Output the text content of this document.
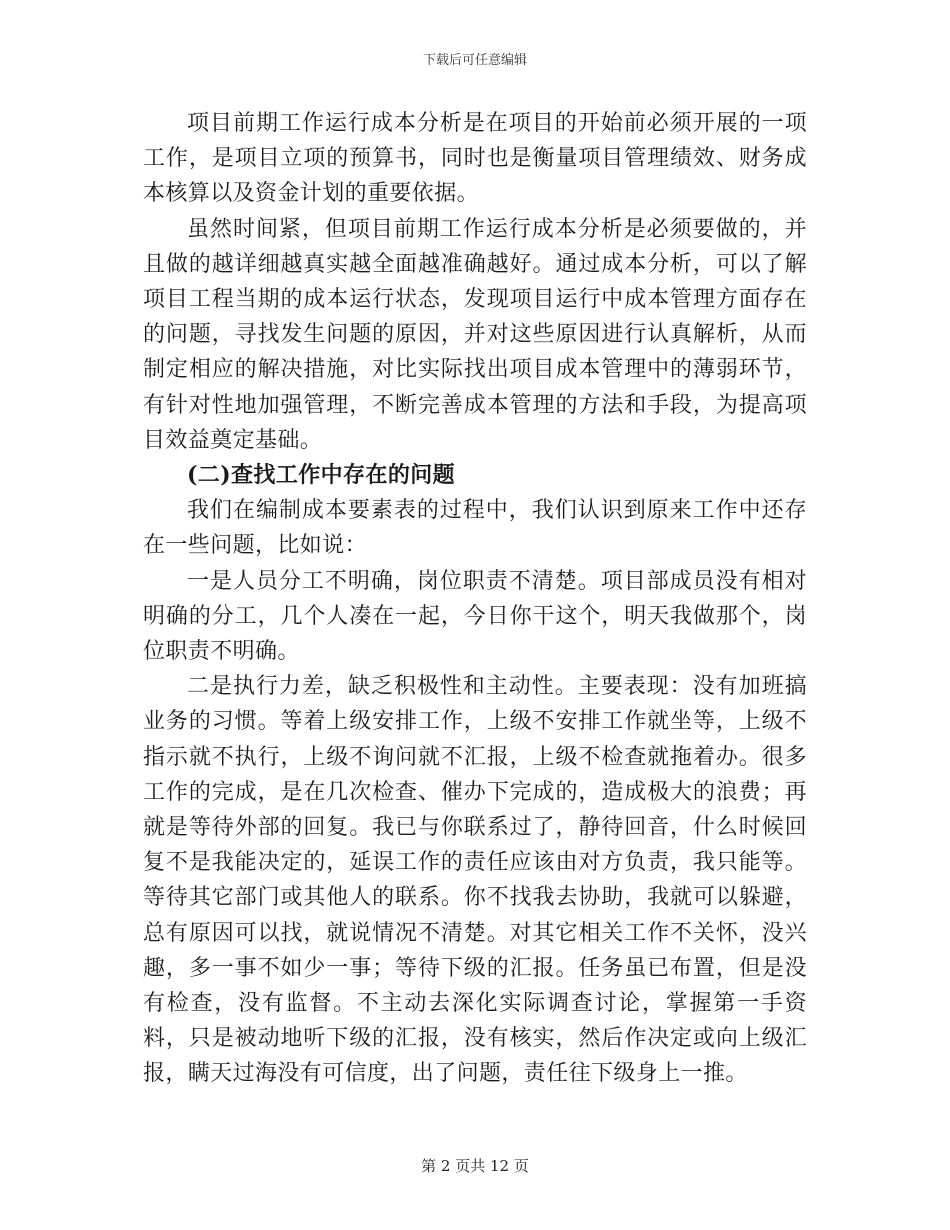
下载后可任意编辑

项目前期工作运行成本分析是在项目的开始前必须开展的一项工作，是项目立项的预算书，同时也是衡量项目管理绩效、财务成本核算以及资金计划的重要依据。

虽然时间紧，但项目前期工作运行成本分析是必须要做的，并且做的越详细越真实越全面越准确越好。通过成本分析，可以了解项目工程当期的成本运行状态，发现项目运行中成本管理方面存在的问题，寻找发生问题的原因，并对这些原因进行认真解析，从而制定相应的解决措施，对比实际找出项目成本管理中的薄弱环节，有针对性地加强管理，不断完善成本管理的方法和手段，为提高项目效益奠定基础。

(二)查找工作中存在的问题

我们在编制成本要素表的过程中，我们认识到原来工作中还存在一些问题，比如说：

一是人员分工不明确，岗位职责不清楚。项目部成员没有相对明确的分工，几个人凑在一起，今日你干这个，明天我做那个，岗位职责不明确。

二是执行力差，缺乏积极性和主动性。主要表现：没有加班搞业务的习惯。等着上级安排工作，上级不安排工作就坐等，上级不指示就不执行，上级不询问就不汇报，上级不检查就拖着办。很多工作的完成，是在几次检查、催办下完成的，造成极大的浪费；再就是等待外部的回复。我已与你联系过了，静待回音，什么时候回复不是我能决定的，延误工作的责任应该由对方负责，我只能等。等待其它部门或其他人的联系。你不找我去协助，我就可以躲避，总有原因可以找，就说情况不清楚。对其它相关工作不关怀，没兴趣，多一事不如少一事；等待下级的汇报。任务虽已布置，但是没有检查，没有监督。不主动去深化实际调查讨论，掌握第一手资料，只是被动地听下级的汇报，没有核实，然后作决定或向上级汇报，瞒天过海没有可信度，出了问题，责任往下级身上一推。

第 2 页共 12 页
